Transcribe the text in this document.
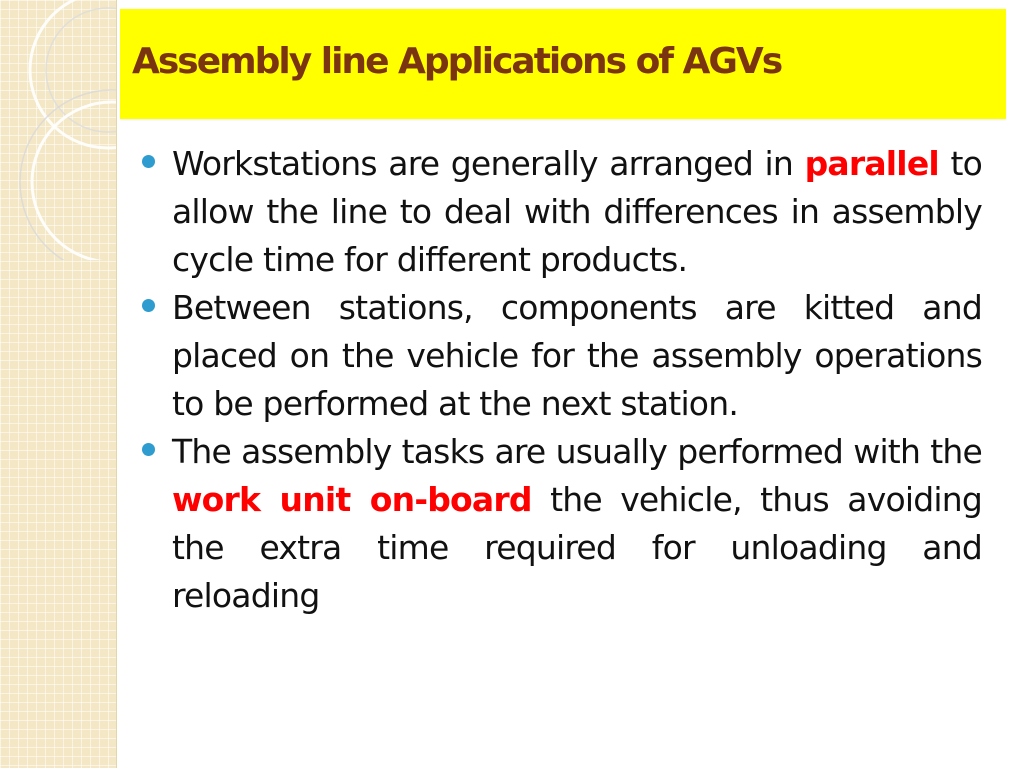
Assembly line Applications of AGVs
Workstations are generally arranged in parallel to allow the line to deal with differences in assembly cycle time for different products.
Between stations, components are kitted and placed on the vehicle for the assembly operations to be performed at the next station.
The assembly tasks are usually performed with the work unit on-board the vehicle, thus avoiding the extra time required for unloading and reloading
